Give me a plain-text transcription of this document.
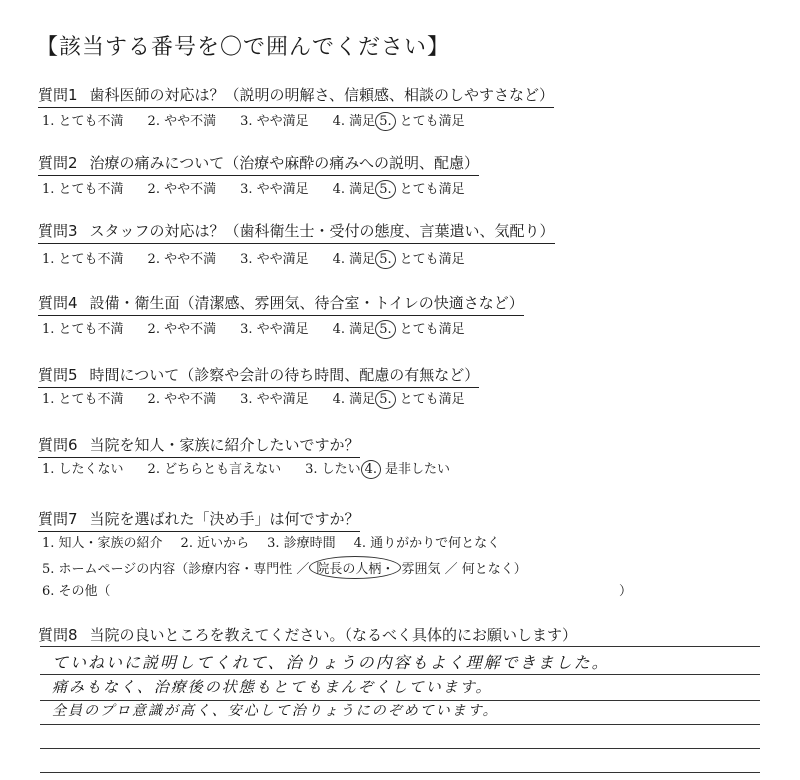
【該当する番号を〇で囲んでください】
質問1 歯科医師の対応は？（説明の明解さ、信頼感、相談のしやすさなど）
1. とても不満 2. やや不満 3. やや満足 4. 満足 5. とても満足
質問2 治療の痛みについて（治療や麻酔の痛みへの説明、配慮）
1. とても不満 2. やや不満 3. やや満足 4. 満足 5. とても満足
質問3 スタッフの対応は？（歯科衛生士・受付の態度、言葉遣い、気配り）
1. とても不満 2. やや不満 3. やや満足 4. 満足 5. とても満足
質問4 設備・衛生面（清潔感、雰囲気、待合室・トイレの快適さなど）
1. とても不満 2. やや不満 3. やや満足 4. 満足 5. とても満足
質問5 時間について（診察や会計の待ち時間、配慮の有無など）
1. とても不満 2. やや不満 3. やや満足 4. 満足 5. とても満足
質問6 当院を知人・家族に紹介したいですか？
1. したくない 2. どちらとも言えない 3. したい 4. 是非したい
質問7 当院を選ばれた「決め手」は何ですか？
1. 知人・家族の紹介 2. 近いから 3. 診療時間 4. 通りがかりで何となく
5. ホームページの内容（診療内容・専門性 ／ 院長の人柄・ 雰囲気 ／ 何となく）
6. その他（	）
質問8 当院の良いところを教えてください。（なるべく具体的にお願いします）
ていねいに説明してくれて、治りょうの内容もよく理解できました。
痛みもなく、治療後の状態もとてもまんぞくしています。
全員のプロ意識が高く、安心して治りょうにのぞめています。
